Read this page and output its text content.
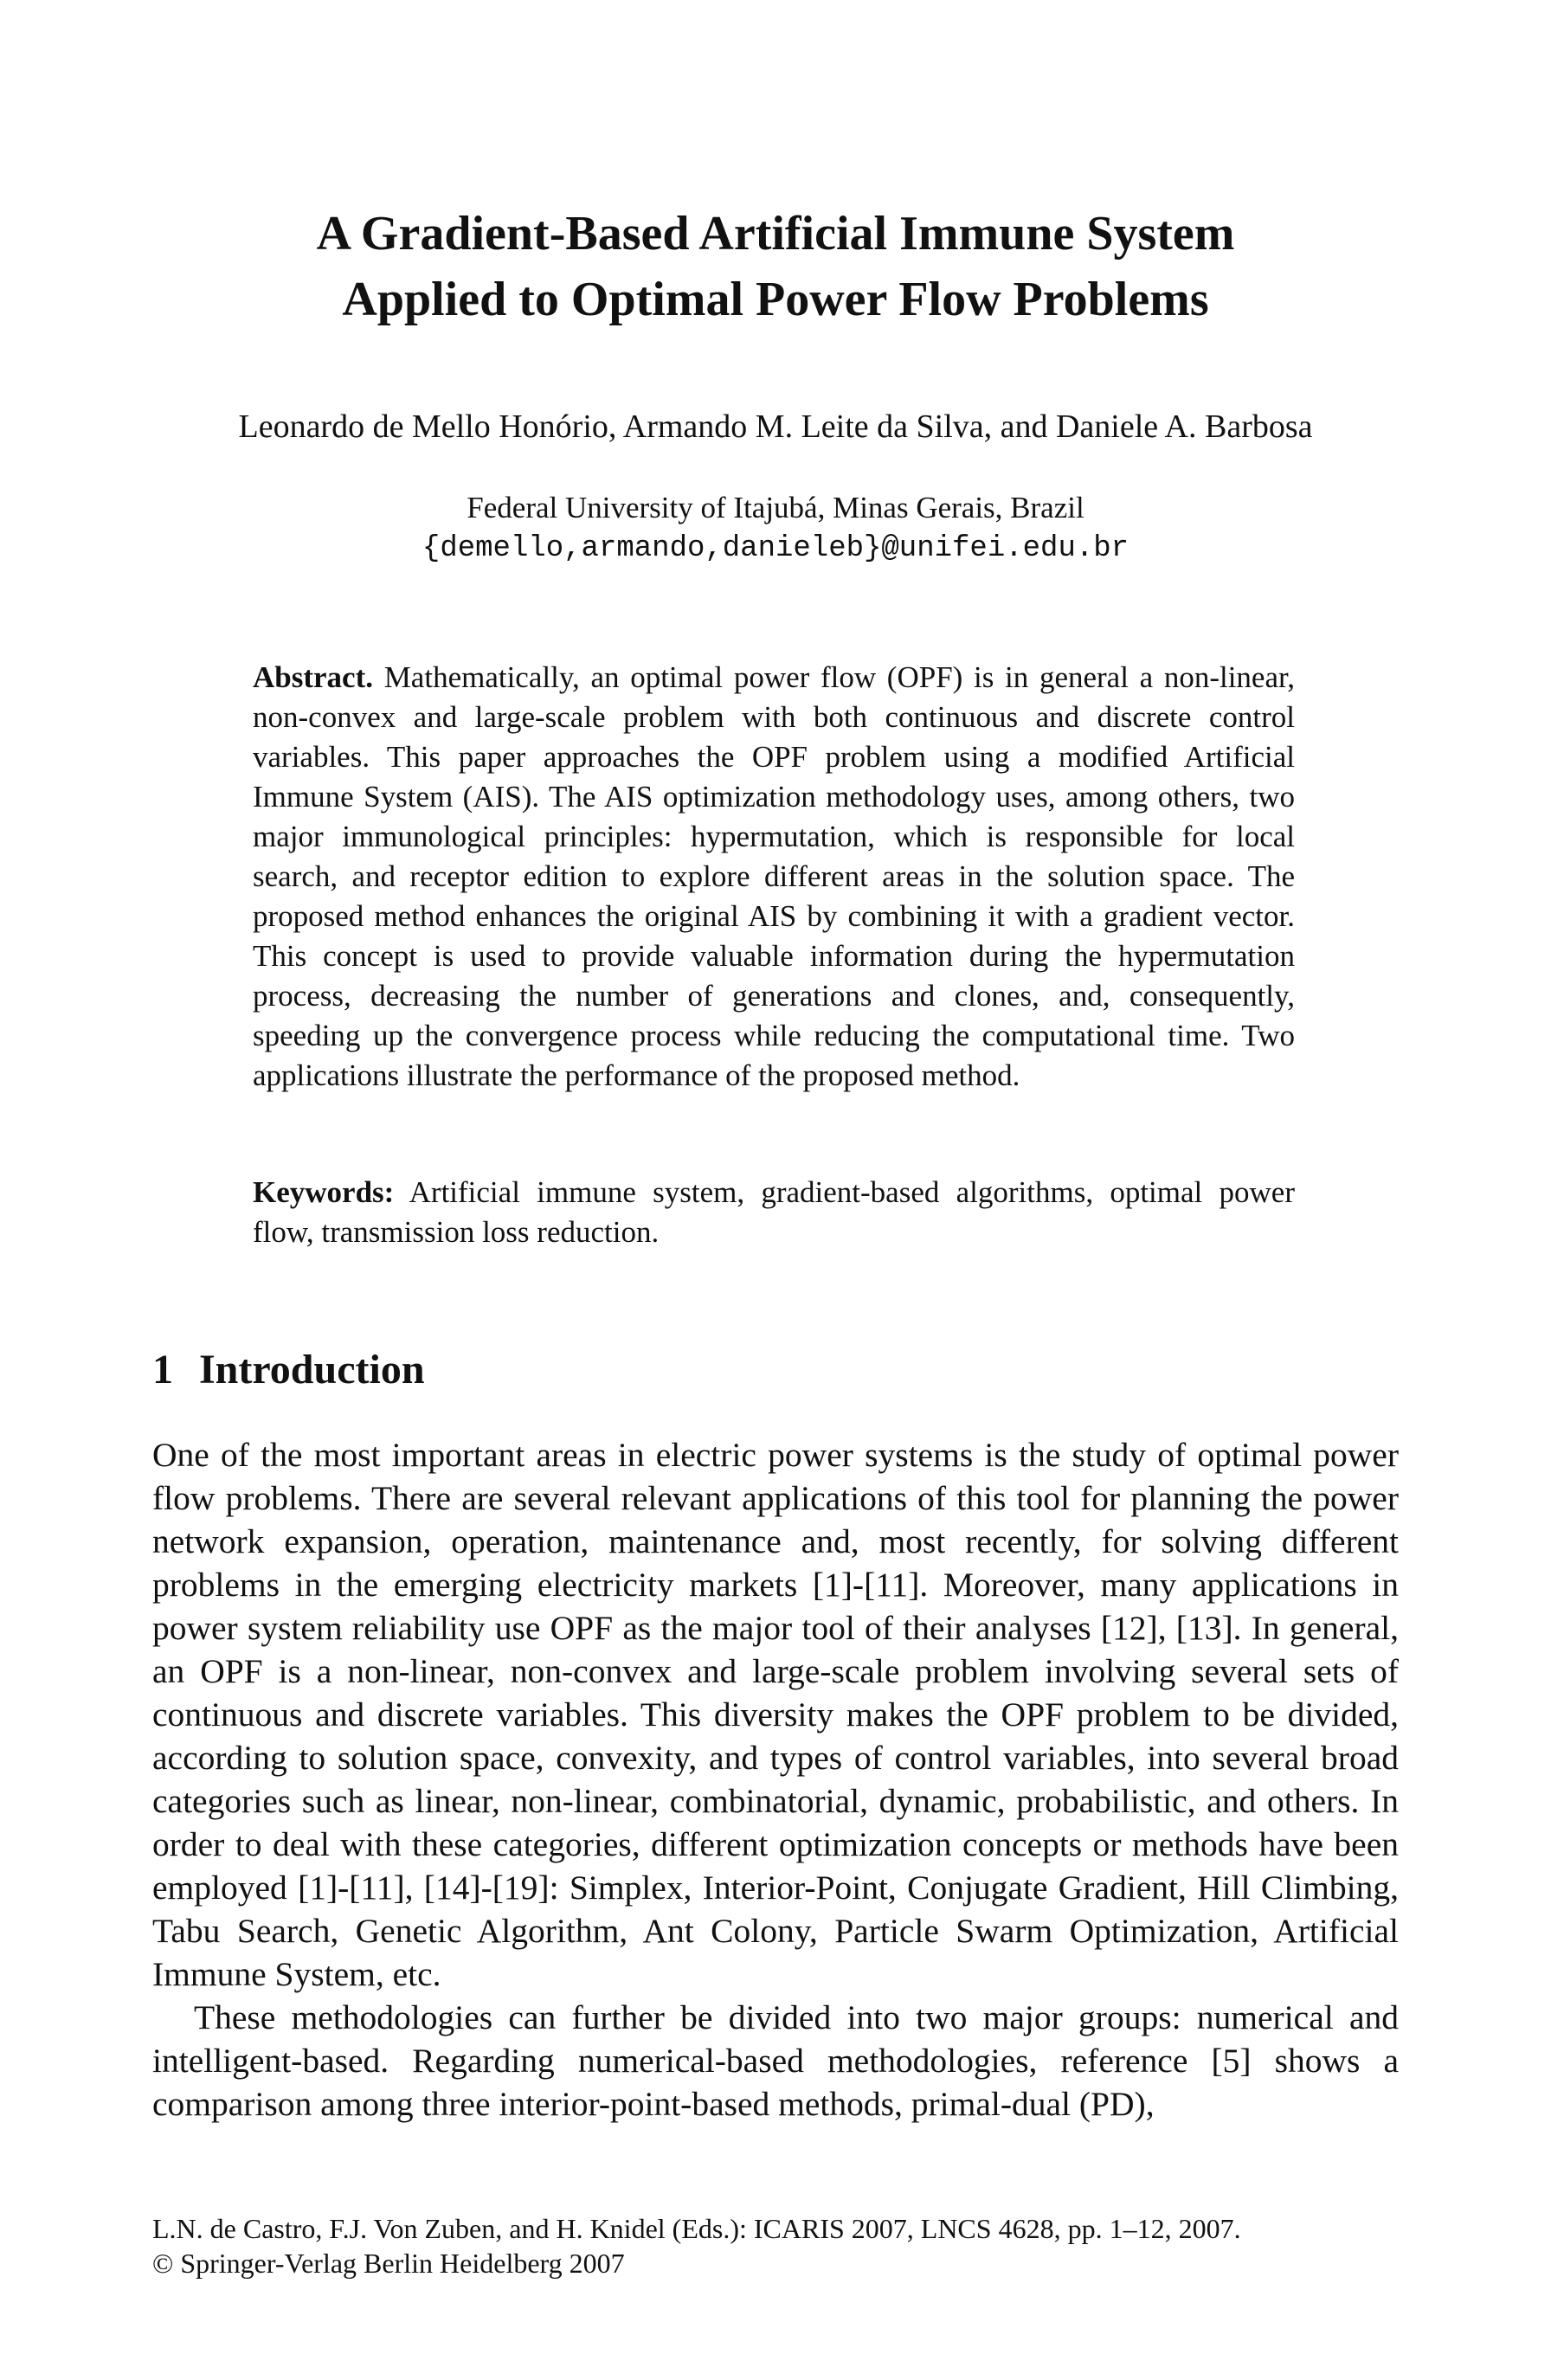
A Gradient-Based Artificial Immune System
Applied to Optimal Power Flow Problems
Leonardo de Mello Honório, Armando M. Leite da Silva, and Daniele A. Barbosa
Federal University of Itajubá, Minas Gerais, Brazil
{demello,armando,danieleb}@unifei.edu.br

Abstract. Mathematically, an optimal power flow (OPF) is in general a non-linear, non-convex and large-scale problem with both continuous and discrete control variables. This paper approaches the OPF problem using a modified Artificial Immune System (AIS). The AIS optimization methodology uses, among others, two major immunological principles: hypermutation, which is responsible for local search, and receptor edition to explore different areas in the solution space. The proposed method enhances the original AIS by combining it with a gradient vector. This concept is used to provide valuable information during the hypermutation process, decreasing the number of generations and clones, and, consequently, speeding up the convergence process while reducing the computational time. Two applications illustrate the performance of the proposed method.

Keywords: Artificial immune system, gradient-based algorithms, optimal power flow, transmission loss reduction.

1 Introduction

One of the most important areas in electric power systems is the study of optimal power flow problems. There are several relevant applications of this tool for planning the power network expansion, operation, maintenance and, most recently, for solving different problems in the emerging electricity markets [1]-[11]. Moreover, many applications in power system reliability use OPF as the major tool of their analyses [12], [13]. In general, an OPF is a non-linear, non-convex and large-scale problem involving several sets of continuous and discrete variables. This diversity makes the OPF problem to be divided, according to solution space, convexity, and types of control variables, into several broad categories such as linear, non-linear, combinatorial, dynamic, probabilistic, and others. In order to deal with these categories, different optimization concepts or methods have been employed [1]-[11], [14]-[19]: Simplex, Interior-Point, Conjugate Gradient, Hill Climbing, Tabu Search, Genetic Algorithm, Ant Colony, Particle Swarm Optimization, Artificial Immune System, etc.

These methodologies can further be divided into two major groups: numerical and intelligent-based. Regarding numerical-based methodologies, reference [5] shows a comparison among three interior-point-based methods, primal-dual (PD),

L.N. de Castro, F.J. Von Zuben, and H. Knidel (Eds.): ICARIS 2007, LNCS 4628, pp. 1–12, 2007.
© Springer-Verlag Berlin Heidelberg 2007
